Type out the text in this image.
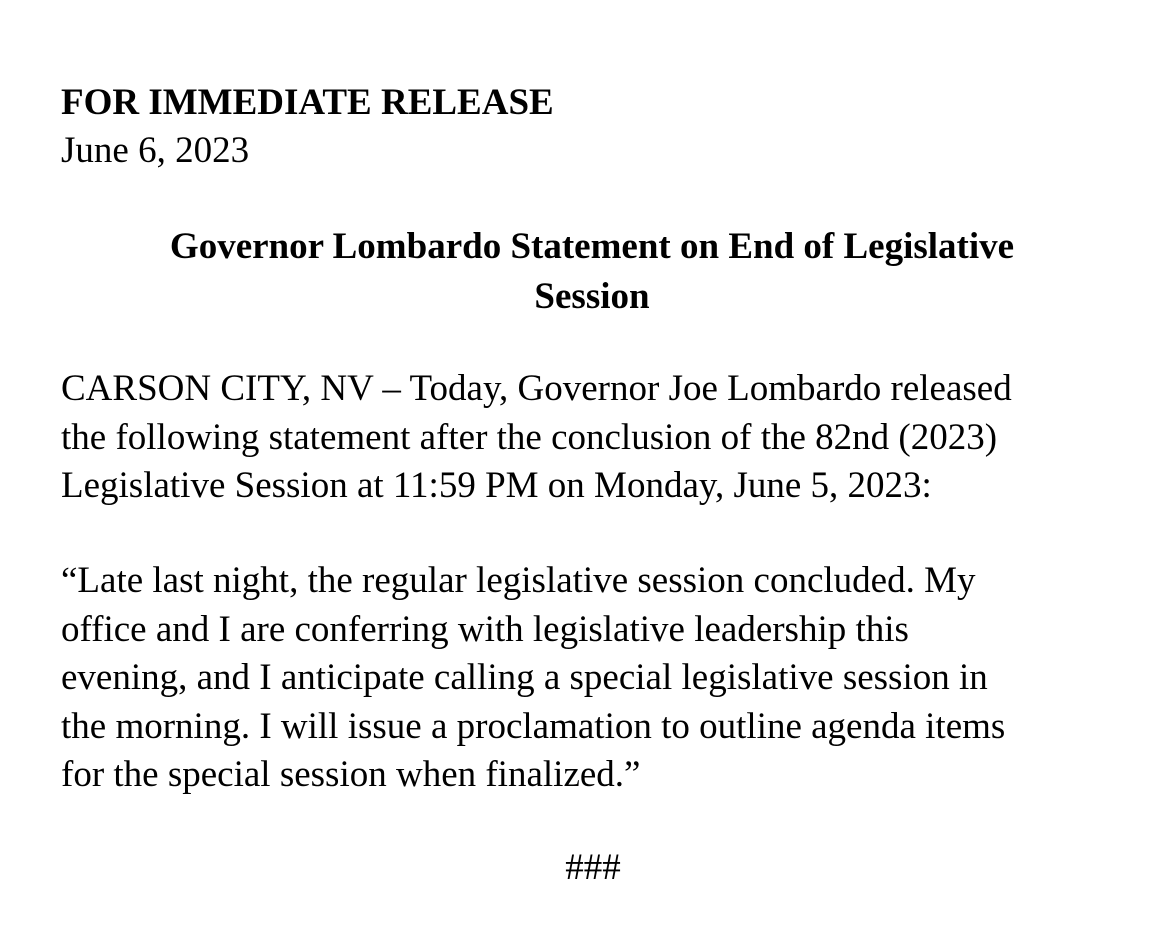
FOR IMMEDIATE RELEASE
June 6, 2023
Governor Lombardo Statement on End of Legislative
Session
CARSON CITY, NV – Today, Governor Joe Lombardo released
the following statement after the conclusion of the 82nd (2023)
Legislative Session at 11:59 PM on Monday, June 5, 2023:
“Late last night, the regular legislative session concluded. My
office and I are conferring with legislative leadership this
evening, and I anticipate calling a special legislative session in
the morning. I will issue a proclamation to outline agenda items
for the special session when finalized.”
###
